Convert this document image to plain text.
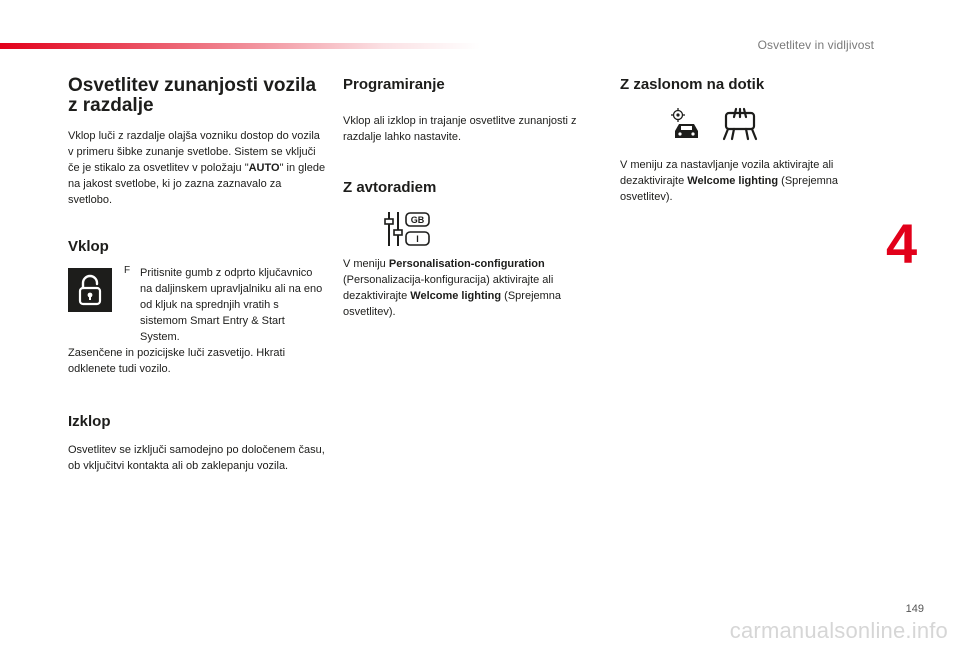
Osvetlitev in vidljivost
4
Osvetlitev zunanjosti vozila z razdalje

Vklop luči z razdalje olajša vozniku dostop do vozila v primeru šibke zunanje svetlobe. Sistem se vključi če je stikalo za osvetlitev v položaju "AUTO" in glede na jakost svetlobe, ki jo zazna zaznavalo za svetlobo.

Vklop
F Pritisnite gumb z odprto ključavnico na daljinskem upravljalniku ali na eno od kljuk na sprednjih vratih s sistemom Smart Entry & Start System.

Zasenčene in pozicijske luči zasvetijo. Hkrati odklenete tudi vozilo.

Izklop

Osvetlitev se izključi samodejno po določenem času, ob vključitvi kontakta ali ob zaklepanju vozila.

Programiranje

Vklop ali izklop in trajanje osvetlitve zunanjosti z razdalje lahko nastavite.

Z avtoradiem
GB
I

V meniju Personalisation-configuration (Personalizacija-konfiguracija) aktivirajte ali dezaktivirajte Welcome lighting (Sprejemna osvetlitev).

Z zaslonom na dotik

V meniju za nastavljanje vozila aktivirajte ali dezaktivirajte Welcome lighting (Sprejemna osvetlitev).

149
carmanualsonline.info
